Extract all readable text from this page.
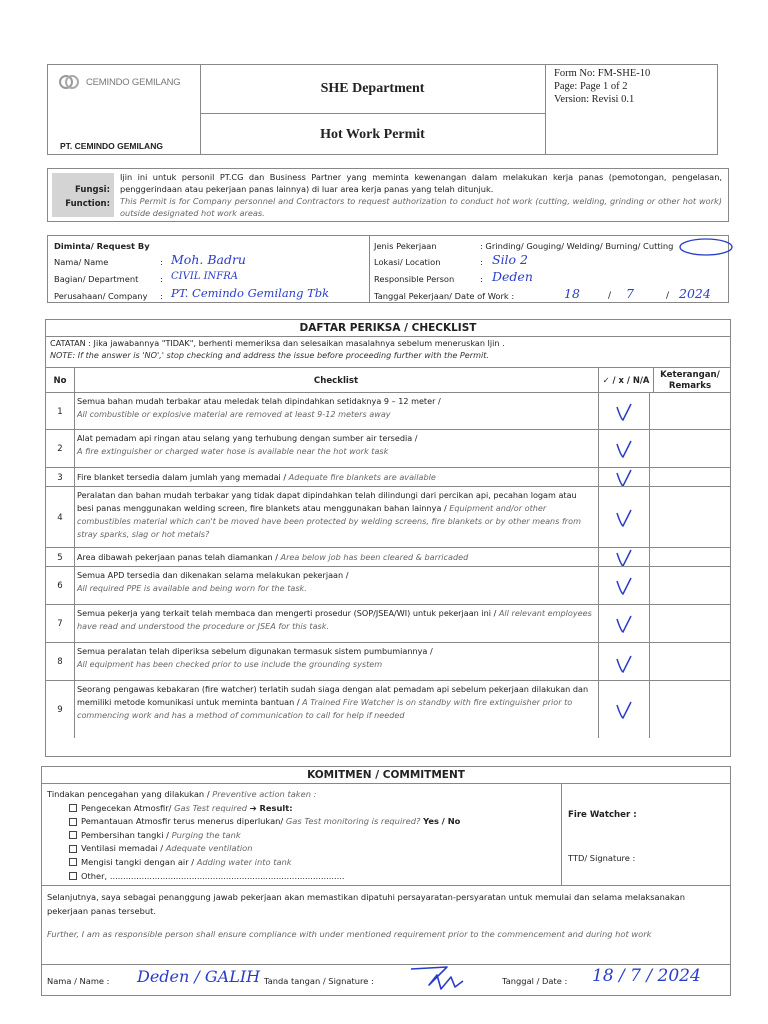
CEMINDO GEMILANG
PT. CEMINDO GEMILANG
SHE Department
Hot Work Permit
Form No: FM-SHE-10
Page: Page 1 of 2
Version: Revisi 0.1
Fungsi:
Function:

Ijin ini untuk personil PT.CG dan Business Partner yang meminta kewenangan dalam melakukan kerja panas (pemotongan, pengelasan, penggerindaan atau pekerjaan panas lainnya) di luar area kerja panas yang telah ditunjuk.

This Permit is for Company personnel and Contractors to request authorization to conduct hot work (cutting, welding, grinding or other hot work) outside designated hot work areas.

Diminta/ Request By
Nama/ Name	: Moh. Badru
Bagian/ Department	: CIVIL INFRA
Perusahaan/ Company : PT. Cemindo Gemilang Tbk
Jenis Pekerjaan	: Grinding/ Gouging/ Welding/ Burning/ Cutting
Lokasi/ Location	: Silo 2
Responsible Person	: Deden
Tanggal Pekerjaan/ Date of Work :	18	/ 7	/ 2024
DAFTAR PERIKSA / CHECKLIST

CATATAN : Jika jawabannya "TIDAK", berhenti memeriksa dan selesaikan masalahnya sebelum meneruskan Ijin .

NOTE: If the answer is 'NO',' stop checking and address the issue before proceeding further with the Permit.

No	Checklist	✓ / x / N/A	Keterangan/ Remarks
1
Semua bahan mudah terbakar atau meledak telah dipindahkan setidaknya 9 – 12 meter /
All combustible or explosive material are removed at least 9-12 meters away
2
Alat pemadam api ringan atau selang yang terhubung dengan sumber air tersedia /
A fire extinguisher or charged water hose is available near the hot work task
3	Fire blanket tersedia dalam jumlah yang memadai / Adequate fire blankets are available
4
Peralatan dan bahan mudah terbakar yang tidak dapat dipindahkan telah dilindungi dari percikan api, pecahan logam atau besi panas menggunakan welding screen, fire blankets atau menggunakan bahan lainnya / Equipment and/or other combustibles material which can't be moved have been protected by welding screens, fire blankets or by other means from stray sparks, slag or hot metals?
5	Area dibawah pekerjaan panas telah diamankan / Area below job has been cleared & barricaded
6
Semua APD tersedia dan dikenakan selama melakukan pekerjaan /
All required PPE is available and being worn for the task.
7
Semua pekerja yang terkait telah membaca dan mengerti prosedur (SOP/JSEA/WI) untuk pekerjaan ini / All relevant employees have read and understood the procedure or JSEA for this task.
8
Semua peralatan telah diperiksa sebelum digunakan termasuk sistem pumbumiannya /
All equipment has been checked prior to use include the grounding system
9
Seorang pengawas kebakaran (fire watcher) terlatih sudah siaga dengan alat pemadam api sebelum pekerjaan dilakukan dan memiliki metode komunikasi untuk meminta bantuan / A Trained Fire Watcher is on standby with fire extinguisher prior to commencing work and has a method of communication to call for help if needed
KOMITMEN / COMMITMENT

Tindakan pencegahan yang dilakukan / Preventive action taken :

Pengecekan Atmosfir/ Gas Test required ➔ Result:

Pemantauan Atmosfir terus menerus diperlukan/ Gas Test monitoring is required? Yes / No

Pembersihan tangki / Purging the tank

Ventilasi memadai / Adequate ventilation

Mengisi tangki dengan air / Adding water into tank

Other, .........................................................................................

Fire Watcher :
TTD/ Signature :

Selanjutnya, saya sebagai penanggung jawab pekerjaan akan memastikan dipatuhi persayaratan-persyaratan untuk memulai dan selama melaksanakan pekerjaan panas tersebut.

Further, I am as responsible person shall ensure compliance with under mentioned requirement prior to the commencement and during hot work

Nama / Name : Deden / GALIH Tanda tangan / Signature :	Tanggal / Date : 18 / 7 / 2024
